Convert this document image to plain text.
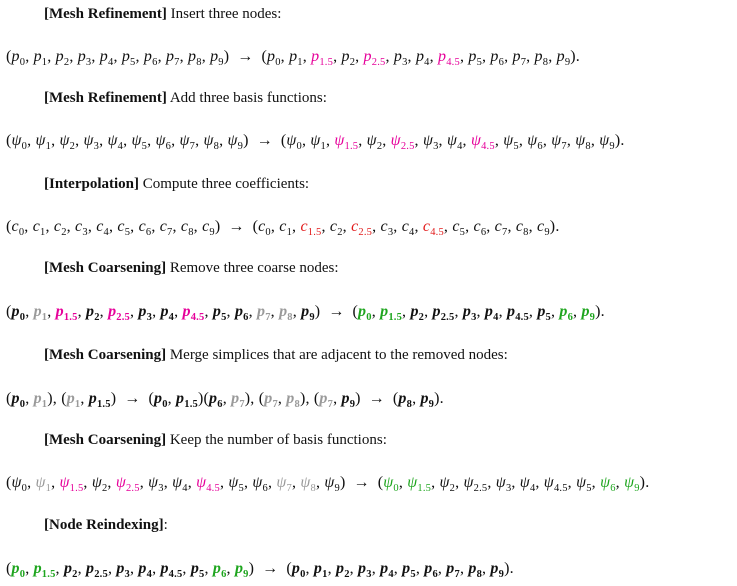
[Mesh Refinement] Insert three nodes:
($p_0$, $p_1$, $p_2$, $p_3$, $p_4$, $p_5$, $p_6$, $p_7$, $p_8$, $p_9) \to (p_0$, $p_1$, $p_{1.5}$, $p_2$, $p_{2.5}$, $p_3$, $p_4$, $p_{4.5}$, $p_5$, $p_6$, $p_7$, $p_8$, $p_9$).
[Mesh Refinement] Add three basis functions:
($\psi_0$, $\psi_1$, $\psi_2$, $\psi_3$, $\psi_4$, $\psi_5$, $\psi_6$, $\psi_7$, $\psi_8$, $\psi_9) \to (\psi_0$, $\psi_1$, $\psi_{1.5}$, $\psi_2$, $\psi_{2.5}$, $\psi_3$, $\psi_4$, $\psi_{4.5}$, $\psi_5$, $\psi_6$, $\psi_7$, $\psi_8$, $\psi_9$).
[Interpolation] Compute three coefficients:
($c_0$, $c_1$, $c_2$, $c_3$, $c_4$, $c_5$, $c_6$, $c_7$, $c_8$, $c_9) \to (c_0$, $c_1$, $c_{1.5}$, $c_2$, $c_{2.5}$, $c_3$, $c_4$, $c_{4.5}$, $c_5$, $c_6$, $c_7$, $c_8$, $c_9$).
[Mesh Coarsening] Remove three coarse nodes:
($p_0$, $p_1$, $p_{1.5}$, $p_2$, $p_{2.5}$, $p_3$, $p_4$, $p_{4.5}$, $p_5$, $p_6$, $p_7$, $p_8$, $p_9) \to (p_0$, $p_{1.5}$, $p_2$, $p_{2.5}$, $p_3$, $p_4$, $p_{4.5}$, $p_5$, $p_6$, $p_9$).
[Mesh Coarsening] Merge simplices that are adjacent to the removed nodes:
($p_0$, $p_1$), ($p_1$, $p_{1.5}) \to (p_0$, $p_{1.5})(p_6$, $p_7$), ($p_7$, $p_8$), ($p_7$, $p_9) \to (p_8$, $p_9$).
[Mesh Coarsening] Keep the number of basis functions:
($\psi_0$, $\psi_1$, $\psi_{1.5}$, $\psi_2$, $\psi_{2.5}$, $\psi_3$, $\psi_4$, $\psi_{4.5}$, $\psi_5$, $\psi_6$, $\psi_7$, $\psi_8$, $\psi_9) \to (\psi_0$, $\psi_{1.5}$, $\psi_2$, $\psi_{2.5}$, $\psi_3$, $\psi_4$, $\psi_{4.5}$, $\psi_5$, $\psi_6$, $\psi_9$).
[Node Reindexing]:
($p_0$, $p_{1.5}$, $p_2$, $p_{2.5}$, $p_3$, $p_4$, $p_{4.5}$, $p_5$, $p_6$, $p_9) \to (p_0$, $p_1$, $p_2$, $p_3$, $p_4$, $p_5$, $p_6$, $p_7$, $p_8$, $p_9$).
